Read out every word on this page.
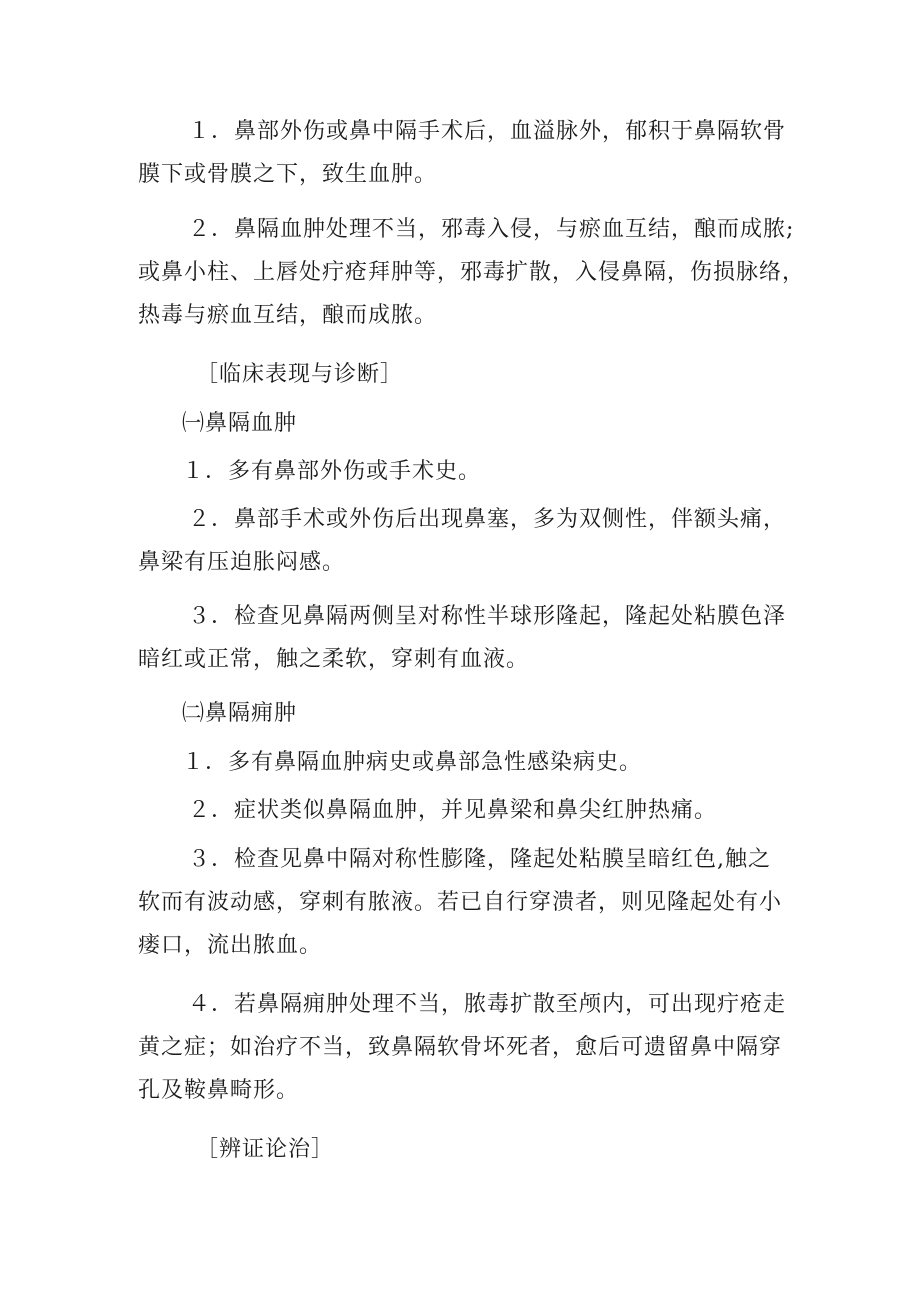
１．鼻部外伤或鼻中隔手术后，血溢脉外，郁积于鼻隔软骨
膜下或骨膜之下，致生血肿。
２．鼻隔血肿处理不当，邪毒入侵，与瘀血互结，酿而成脓;
或鼻小柱、上唇处疔疮拜肿等，邪毒扩散，入侵鼻隔，伤损脉络，
热毒与瘀血互结，酿而成脓。
［临床表现与诊断］
㈠鼻隔血肿
１．多有鼻部外伤或手术史。
２．鼻部手术或外伤后出现鼻塞，多为双侧性，伴额头痛，
鼻梁有压迫胀闷感。
３．检查见鼻隔两侧呈对称性半球形隆起，隆起处粘膜色泽
暗红或正常，触之柔软，穿刺有血液。
㈡鼻隔痈肿
１．多有鼻隔血肿病史或鼻部急性感染病史。
２．症状类似鼻隔血肿，并见鼻梁和鼻尖红肿热痛。
３．检查见鼻中隔对称性膨隆，隆起处粘膜呈暗红色,触之
软而有波动感，穿刺有脓液。若已自行穿溃者，则见隆起处有小
瘘口，流出脓血。
４．若鼻隔痈肿处理不当，脓毒扩散至颅内，可出现疔疮走
黄之症；如治疗不当，致鼻隔软骨坏死者，愈后可遗留鼻中隔穿
孔及鞍鼻畸形。
［辨证论治］
